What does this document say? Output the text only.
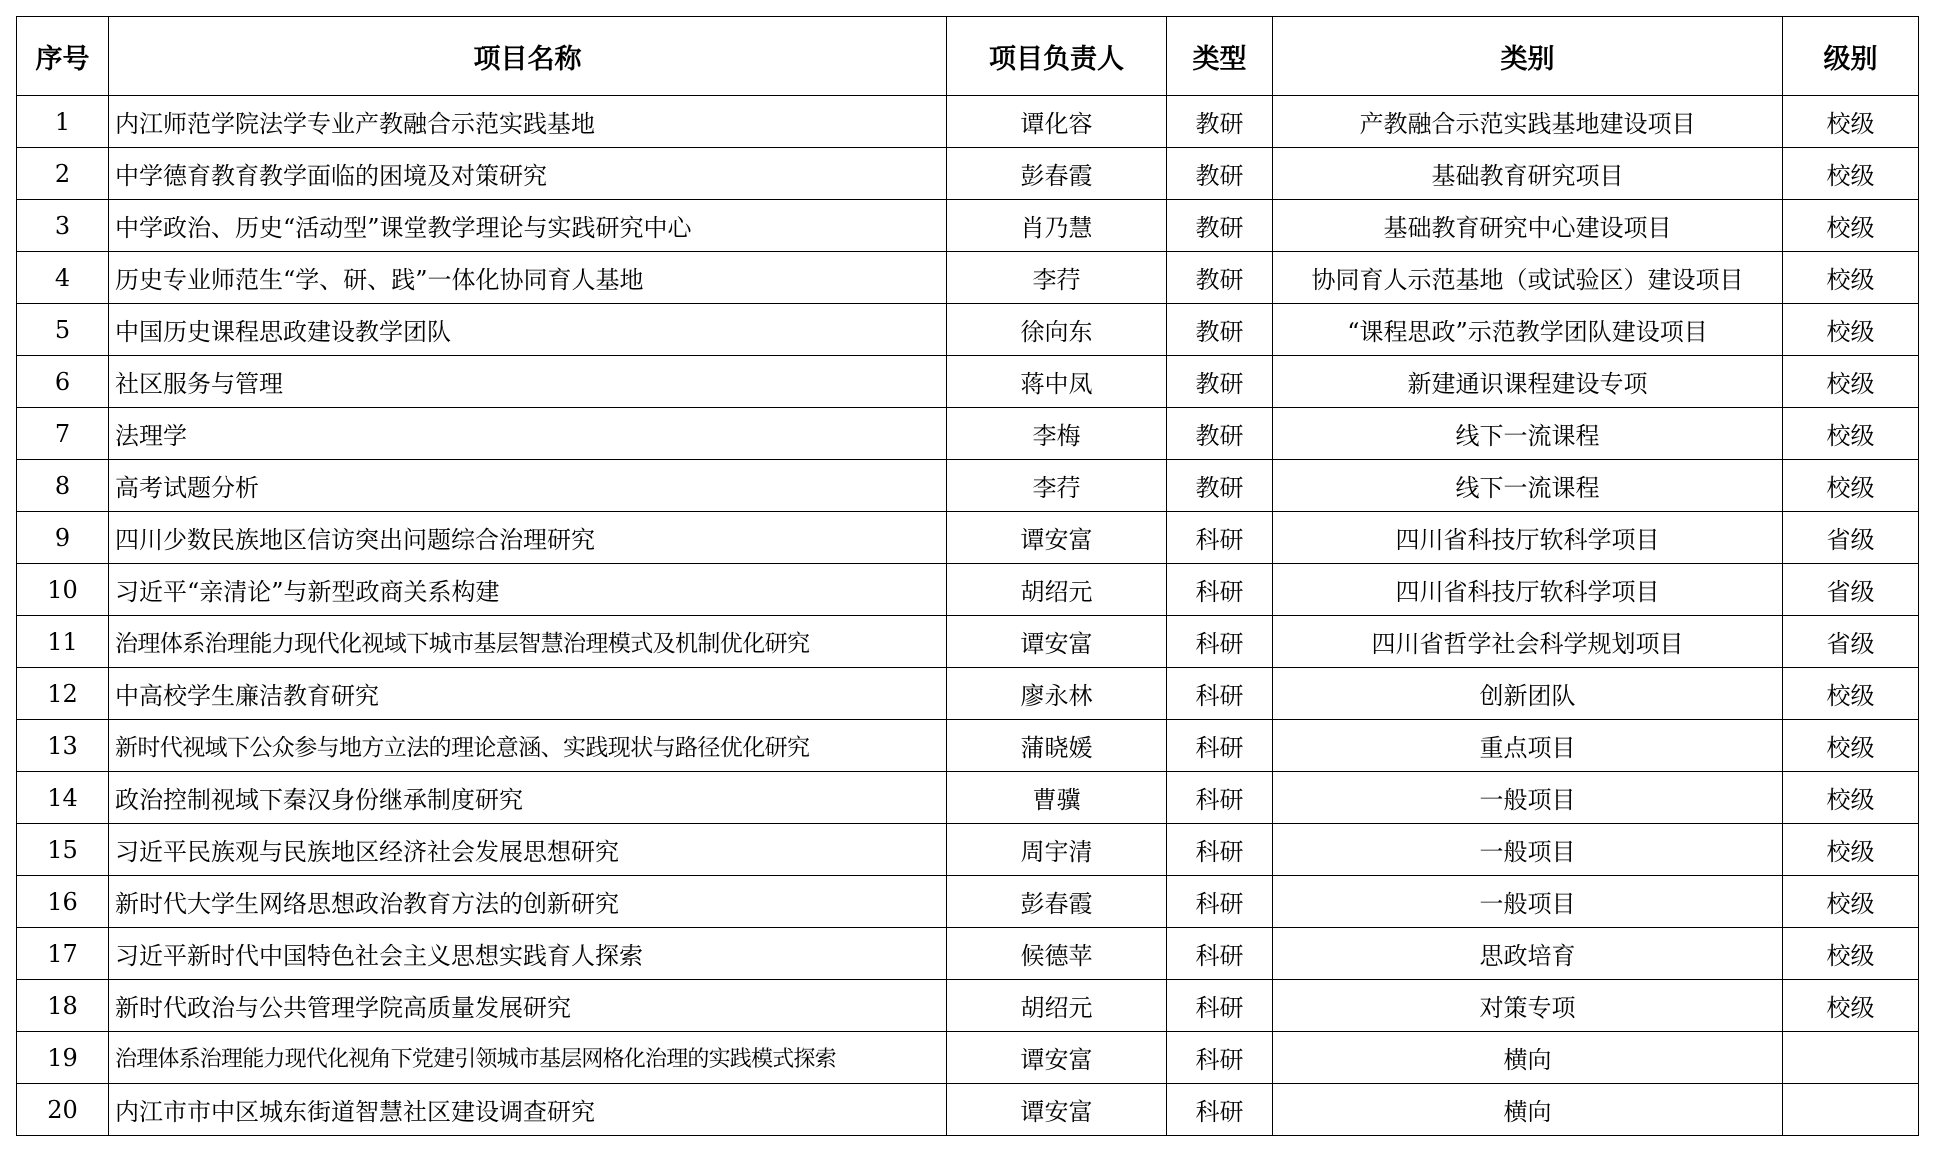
序号	项目名称	项目负责人	类型	类别	级别
1	内江师范学院法学专业产教融合示范实践基地	谭化容	教研	产教融合示范实践基地建设项目	校级
2	中学德育教育教学面临的困境及对策研究	彭春霞	教研	基础教育研究项目	校级
3	中学政治、历史“活动型”课堂教学理论与实践研究中心	肖乃慧	教研	基础教育研究中心建设项目	校级
4	历史专业师范生“学、研、践”一体化协同育人基地	李荇	教研	协同育人示范基地（或试验区）建设项目	校级
5	中国历史课程思政建设教学团队	徐向东	教研	“课程思政”示范教学团队建设项目	校级
6	社区服务与管理	蒋中凤	教研	新建通识课程建设专项	校级
7	法理学	李梅	教研	线下一流课程	校级
8	高考试题分析	李荇	教研	线下一流课程	校级
9	四川少数民族地区信访突出问题综合治理研究	谭安富	科研	四川省科技厅软科学项目	省级
10	习近平“亲清论”与新型政商关系构建	胡绍元	科研	四川省科技厅软科学项目	省级
11	治理体系治理能力现代化视域下城市基层智慧治理模式及机制优化研究	谭安富	科研	四川省哲学社会科学规划项目	省级
12	中高校学生廉洁教育研究	廖永林	科研	创新团队	校级
13	新时代视域下公众参与地方立法的理论意涵、实践现状与路径优化研究	蒲晓媛	科研	重点项目	校级
14	政治控制视域下秦汉身份继承制度研究	曹骥	科研	一般项目	校级
15	习近平民族观与民族地区经济社会发展思想研究	周宇清	科研	一般项目	校级
16	新时代大学生网络思想政治教育方法的创新研究	彭春霞	科研	一般项目	校级
17	习近平新时代中国特色社会主义思想实践育人探索	候德苹	科研	思政培育	校级
18	新时代政治与公共管理学院高质量发展研究	胡绍元	科研	对策专项	校级
19	治理体系治理能力现代化视角下党建引领城市基层网格化治理的实践模式探索	谭安富	科研	横向	
20	内江市市中区城东街道智慧社区建设调查研究	谭安富	科研	横向	
